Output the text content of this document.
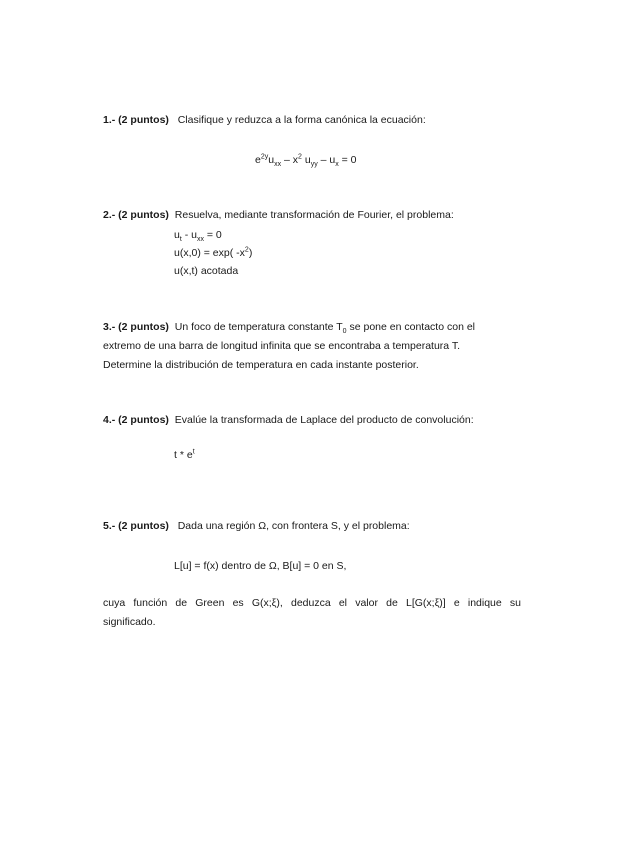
1.- (2 puntos) Clasifique y reduzca a la forma canónica la ecuación:
$e^{2y}u_{xx} - x^2$ $u_{yy} - u_x = 0$
2.- (2 puntos) Resuelva, mediante transformación de Fourier, el problema:
$u_t - u_{xx} = 0$
u(x,0) = exp( $-x^2$)
u(x,t) acotada
3.- (2 puntos) Un foco de temperatura constante $T_0$ se pone en contacto con el
extremo de una barra de longitud infinita que se encontraba a temperatura T.
Determine la distribución de temperatura en cada instante posterior.
4.- (2 puntos) Evalúe la transformada de Laplace del producto de convolución:
t * $e^t$
5.- (2 puntos) Dada una región Ω, con frontera S, y el problema:
L[u] = f(x) dentro de Ω, B[u] = 0 en S,
cuya función de Green es G(x;ξ), deduzca el valor de L[G(x;ξ)] e indique su
significado.
